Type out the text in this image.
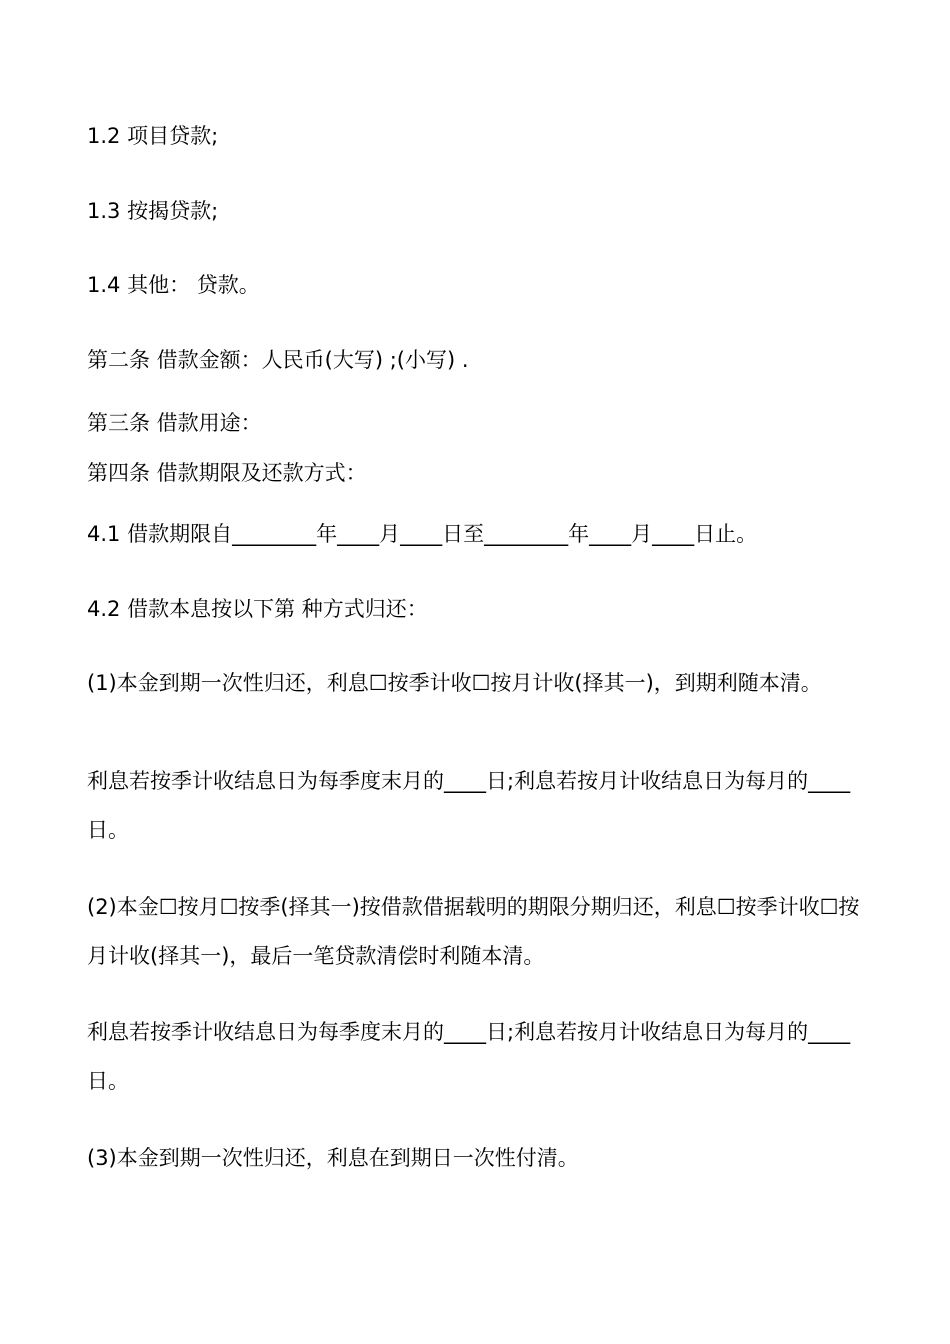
1.2 项目贷款;

1.3 按揭贷款;

1.4 其他： 贷款。

第二条 借款金额：人民币(大写) ;(小写) .

第三条 借款用途：

第四条 借款期限及还款方式：

4.1 借款期限自________年____月____日至________年____月____日止。

4.2 借款本息按以下第 种方式归还：

(1)本金到期一次性归还，利息☐按季计收☐按月计收(择其一)，到期利随本清。

利息若按季计收结息日为每季度末月的____日;利息若按月计收结息日为每月的____日。

(2)本金☐按月☐按季(择其一)按借款借据载明的期限分期归还，利息☐按季计收☐按月计收(择其一)，最后一笔贷款清偿时利随本清。

利息若按季计收结息日为每季度末月的____日;利息若按月计收结息日为每月的____日。

(3)本金到期一次性归还，利息在到期日一次性付清。
